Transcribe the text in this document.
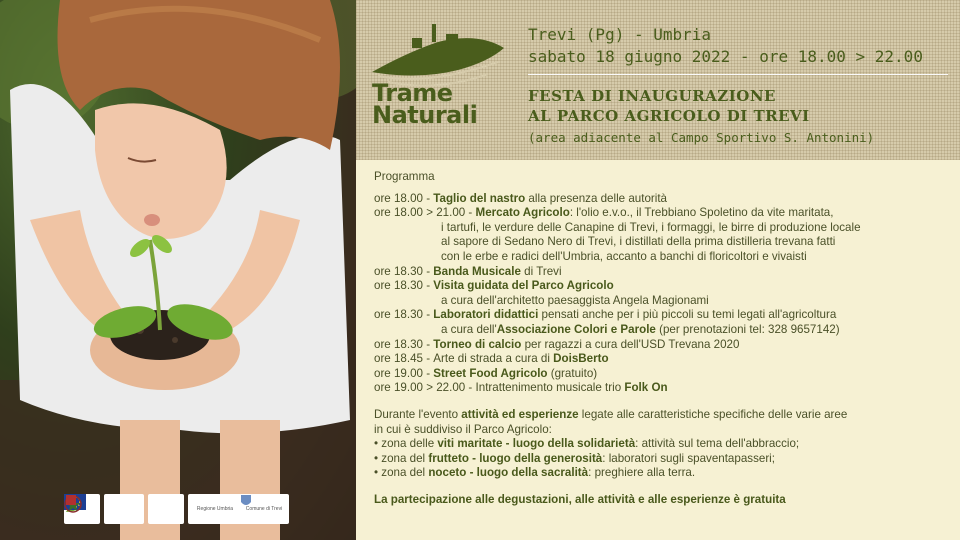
Regione Umbria	Comune di Trevi
Trame
Naturali
Trevi (Pg) - Umbria
sabato 18 giugno 2022 - ore 18.00 > 22.00
FESTA DI INAUGURAZIONE
AL PARCO AGRICOLO DI TREVI
(area adiacente al Campo Sportivo S. Antonini)
Programma
ore 18.00 - Taglio del nastro alla presenza delle autorità
ore 18.00 > 21.00 - Mercato Agricolo: l'olio e.v.o., il Trebbiano Spoletino da vite maritata,
i tartufi, le verdure delle Canapine di Trevi, i formaggi, le birre di produzione locale
al sapore di Sedano Nero di Trevi, i distillati della prima distilleria trevana fatti
con le erbe e radici dell'Umbria, accanto a banchi di floricoltori e vivaisti
ore 18.30 - Banda Musicale di Trevi
ore 18.30 - Visita guidata del Parco Agricolo
a cura dell'architetto paesaggista Angela Magionami
ore 18.30 - Laboratori didattici pensati anche per i più piccoli su temi legati all'agricoltura
a cura dell'Associazione Colori e Parole (per prenotazioni tel: 328 9657142)
ore 18.30 - Torneo di calcio per ragazzi a cura dell'USD Trevana 2020
ore 18.45 - Arte di strada a cura di DoisBerto
ore 19.00 - Street Food Agricolo (gratuito)
ore 19.00 > 22.00 - Intrattenimento musicale trio Folk On
Durante l'evento attività ed esperienze legate alle caratteristiche specifiche delle varie aree
in cui è suddiviso il Parco Agricolo:
• zona delle viti maritate - luogo della solidarietà: attività sul tema dell'abbraccio;
• zona del frutteto - luogo della generosità: laboratori sugli spaventapasseri;
• zona del noceto - luogo della sacralità: preghiere alla terra.
La partecipazione alle degustazioni, alle attività e alle esperienze è gratuita
